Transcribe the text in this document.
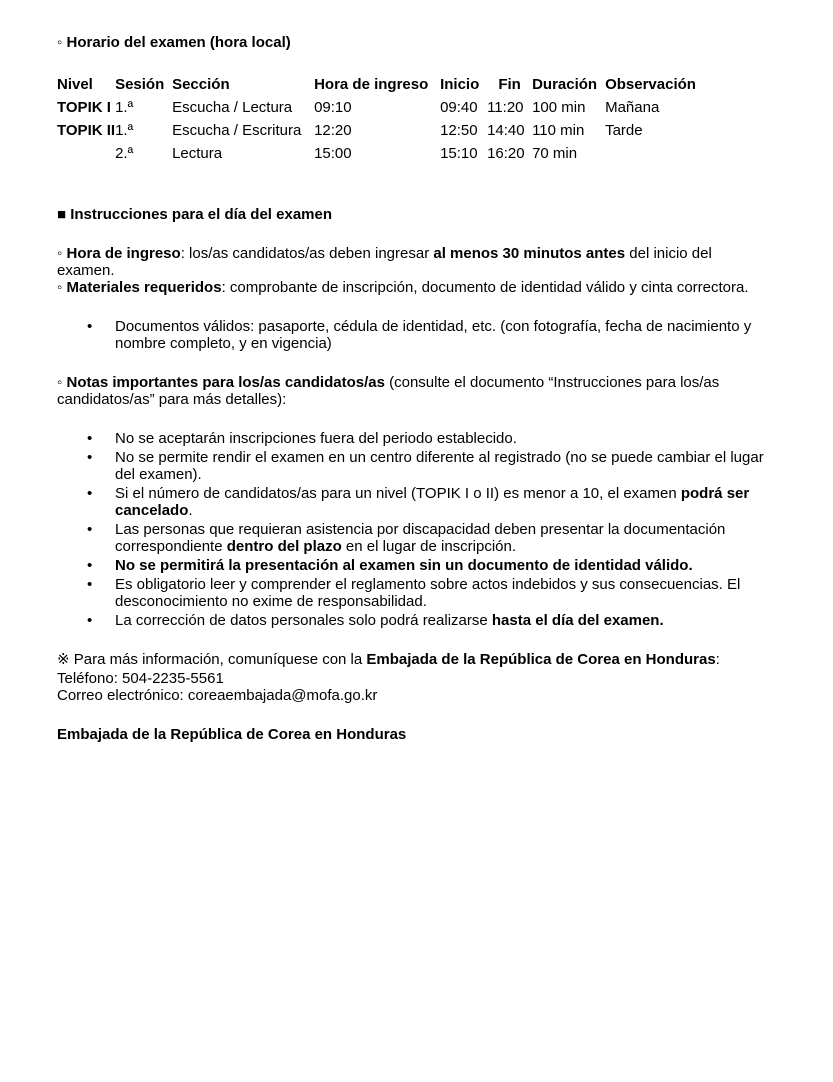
◦ Horario del examen (hora local)
Nivel	Sesión	Sección	Hora de ingreso	Inicio	Fin	Duración	Observación
TOPIK I	1.ª	Escucha / Lectura	09:10	09:40	11:20	100 min	Mañana
TOPIK II	1.ª	Escucha / Escritura	12:20	12:50	14:40	110 min	Tarde
	2.ª	Lectura	15:00	15:10	16:20	70 min	
■ Instrucciones para el día del examen
◦ Hora de ingreso: los/as candidatos/as deben ingresar al menos 30 minutos antes del inicio del examen.
◦ Materiales requeridos: comprobante de inscripción, documento de identidad válido y cinta correctora.
• Documentos válidos: pasaporte, cédula de identidad, etc. (con fotografía, fecha de nacimiento y nombre completo, y en vigencia)
◦ Notas importantes para los/as candidatos/as (consulte el documento “Instrucciones para los/as candidatos/as” para más detalles):
• No se aceptarán inscripciones fuera del periodo establecido.
• No se permite rendir el examen en un centro diferente al registrado (no se puede cambiar el lugar del examen).
• Si el número de candidatos/as para un nivel (TOPIK I o II) es menor a 10, el examen podrá ser cancelado.
• Las personas que requieran asistencia por discapacidad deben presentar la documentación correspondiente dentro del plazo en el lugar de inscripción.
• No se permitirá la presentación al examen sin un documento de identidad válido.
• Es obligatorio leer y comprender el reglamento sobre actos indebidos y sus consecuencias. El desconocimiento no exime de responsabilidad.
• La corrección de datos personales solo podrá realizarse hasta el día del examen.
※ Para más información, comuníquese con la Embajada de la República de Corea en Honduras:
Teléfono: 504-2235-5561
Correo electrónico: coreaembajada@mofa.go.kr
Embajada de la República de Corea en Honduras
